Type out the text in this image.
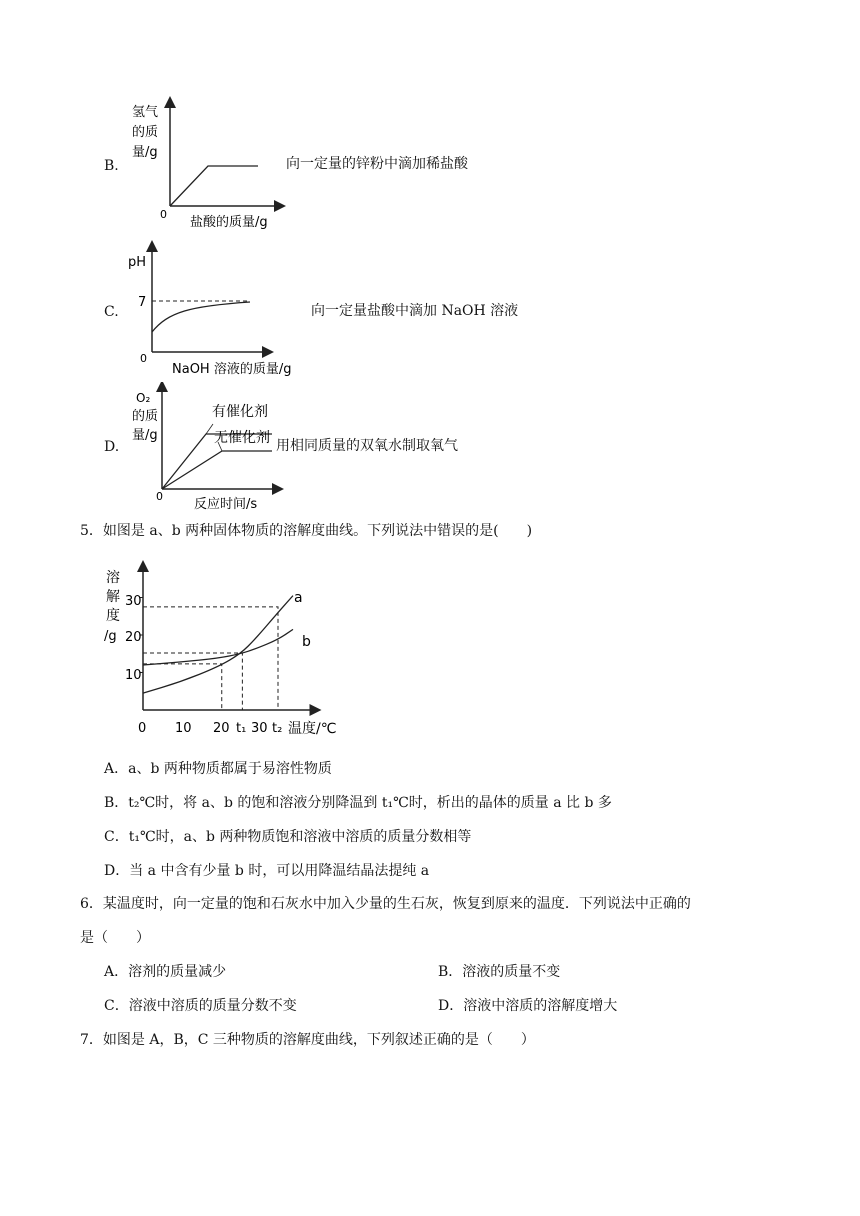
B.
氢气
的质
量/g
0
盐酸的质量/g
向一定量的锌粉中滴加稀盐酸
C.
pH
7
0
NaOH 溶液的质量/g
向一定量盐酸中滴加 NaOH 溶液
D.
O₂
的质
量/g
有催化剂
无催化剂
0
反应时间/s
用相同质量的双氧水制取氧气
5．如图是 a、b 两种固体物质的溶解度曲线。下列说法中错误的是(　　)
溶
解
度
/g
30
20
10
0 10 20 t₁ 30 t₂ 温度/℃
a
b
A．a、b 两种物质都属于易溶性物质
B．t₂℃时，将 a、b 的饱和溶液分别降温到 t₁℃时，析出的晶体的质量 a 比 b 多
C．t₁℃时，a、b 两种物质饱和溶液中溶质的质量分数相等
D．当 a 中含有少量 b 时，可以用降温结晶法提纯 a
6．某温度时，向一定量的饱和石灰水中加入少量的生石灰，恢复到原来的温度．下列说法中正确的
是（　　）
A．溶剂的质量减少	B．溶液的质量不变
C．溶液中溶质的质量分数不变	D．溶液中溶质的溶解度增大
7．如图是 A，B，C 三种物质的溶解度曲线，下列叙述正确的是（　　）
